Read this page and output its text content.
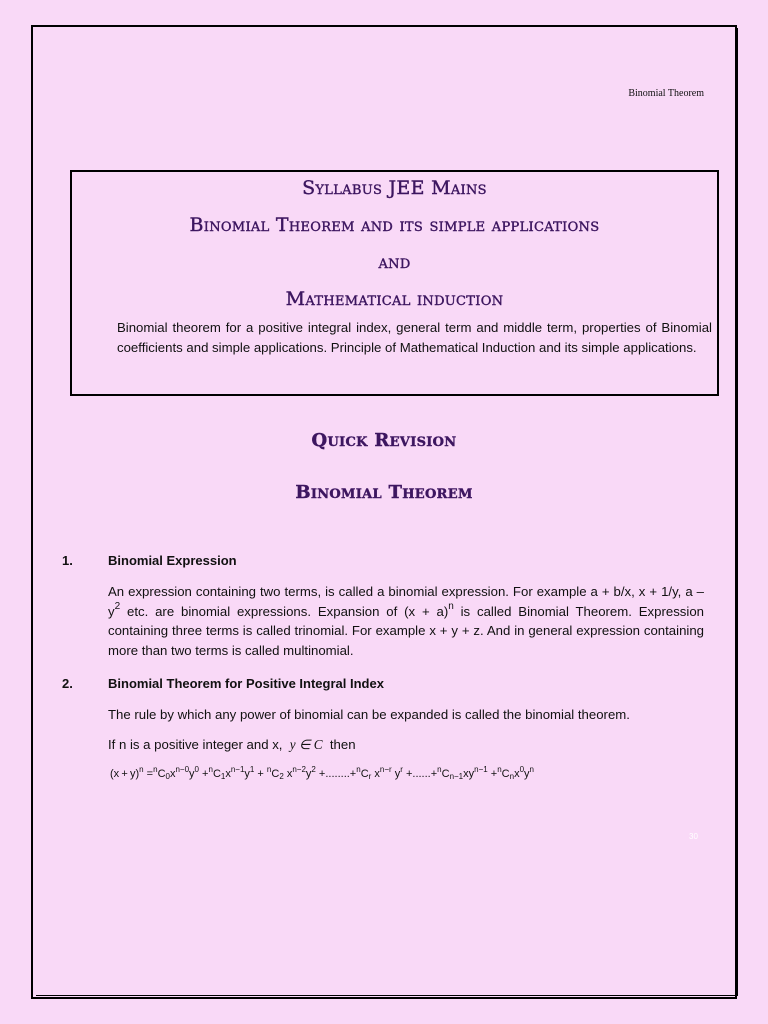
Binomial Theorem
Syllabus JEE Mains
Binomial Theorem and its simple applications
and
Mathematical induction
Binomial theorem for a positive integral index, general term and middle term, properties of Binomial coefficients and simple applications. Principle of Mathematical Induction and its simple applications.
Quick Revision
Binomial Theorem
1.	Binomial Expression
An expression containing two terms, is called a binomial expression. For example a + b/x, x + 1/y, a – $y^2$ etc. are binomial expressions. Expansion of $(x + a)^n$ is called Binomial Theorem. Expression containing three terms is called trinomial. For example x + y + z. And in general expression containing more than two terms is called multinomial.
2.	Binomial Theorem for Positive Integral Index
The rule by which any power of binomial can be expanded is called the binomial theorem.
If n is a positive integer and x, y ∈ C then
$(x + y)^n =^nC_0x^{n-0}y^0 +^nC_1x^{n-1}y^1 + ^nC_2$ $x^{n-2}y^2 +........+^nC_r$ $x^{n-r}$ $y^r +......+^nC_{n-1}xy^{n-1} +^nC_nx^0y^n$
30
